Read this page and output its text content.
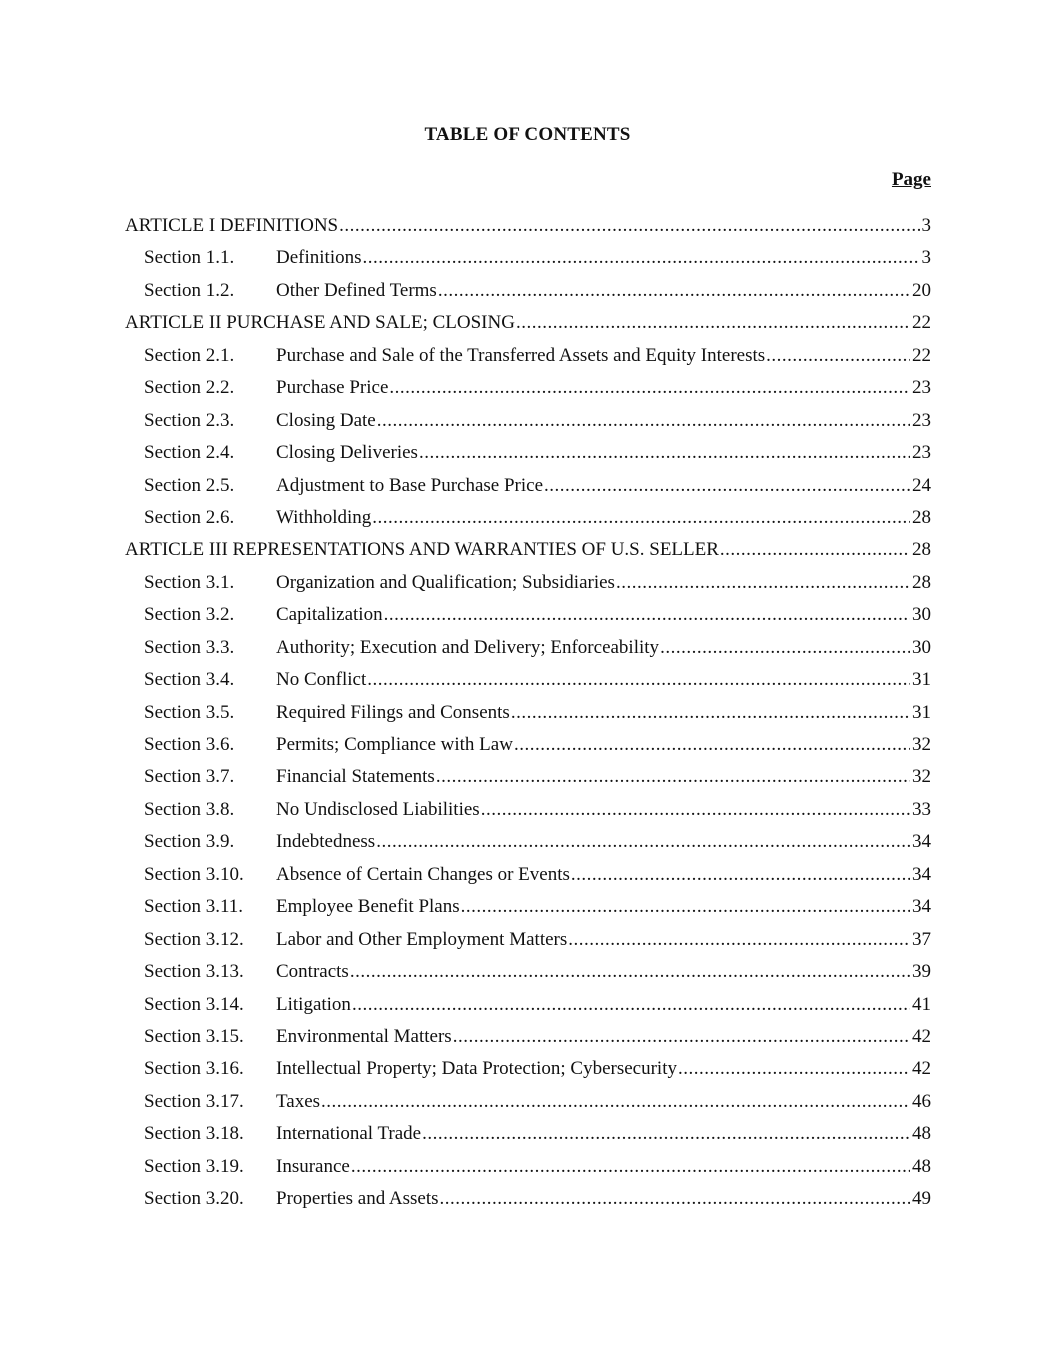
TABLE OF CONTENTS
Page
ARTICLE I DEFINITIONS .....	3
Section 1.1.	Definitions .....	3
Section 1.2.	Other Defined Terms .....	20
ARTICLE II PURCHASE AND SALE; CLOSING .....	22
Section 2.1.	Purchase and Sale of the Transferred Assets and Equity Interests .....	22
Section 2.2.	Purchase Price .....	23
Section 2.3.	Closing Date .....	23
Section 2.4.	Closing Deliveries .....	23
Section 2.5.	Adjustment to Base Purchase Price .....	24
Section 2.6.	Withholding .....	28
ARTICLE III REPRESENTATIONS AND WARRANTIES OF U.S. SELLER .....	28
Section 3.1.	Organization and Qualification; Subsidiaries .....	28
Section 3.2.	Capitalization .....	30
Section 3.3.	Authority; Execution and Delivery; Enforceability .....	30
Section 3.4.	No Conflict .....	31
Section 3.5.	Required Filings and Consents .....	31
Section 3.6.	Permits; Compliance with Law .....	32
Section 3.7.	Financial Statements .....	32
Section 3.8.	No Undisclosed Liabilities .....	33
Section 3.9.	Indebtedness .....	34
Section 3.10.	Absence of Certain Changes or Events .....	34
Section 3.11.	Employee Benefit Plans .....	34
Section 3.12.	Labor and Other Employment Matters .....	37
Section 3.13.	Contracts .....	39
Section 3.14.	Litigation .....	41
Section 3.15.	Environmental Matters .....	42
Section 3.16.	Intellectual Property; Data Protection; Cybersecurity .....	42
Section 3.17.	Taxes .....	46
Section 3.18.	International Trade .....	48
Section 3.19.	Insurance .....	48
Section 3.20.	Properties and Assets .....	49
